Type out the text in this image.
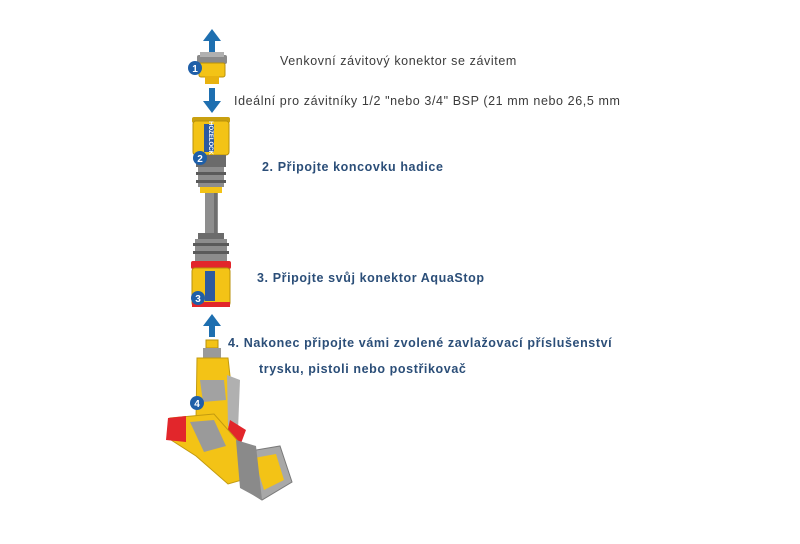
1
HOZELOCK
2
3
4
Venkovní závitový konektor se závitem
Ideální pro závitníky 1/2 "nebo 3/4" BSP (21 mm nebo 26,5 mm
2. Připojte koncovku hadice
3. Připojte svůj konektor AquaStop
4. Nakonec připojte vámi zvolené zavlažovací příslušenství
trysku, pistoli nebo postřikovač
